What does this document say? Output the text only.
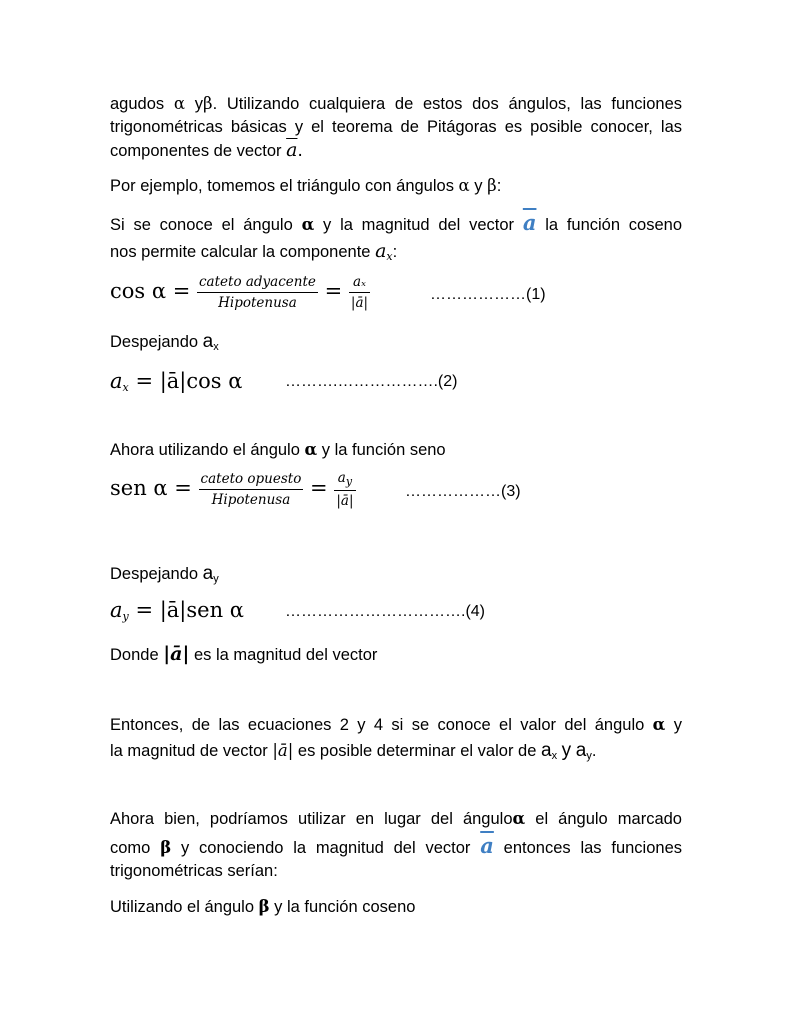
agudos α yβ. Utilizando cualquiera de estos dos ángulos, las funciones
trigonométricas básicas y el teorema de Pitágoras es posible conocer, las
componentes de vector $\overline{a}$.
Por ejemplo, tomemos el triángulo con ángulos α y β:
Si se conoce el ángulo α y la magnitud del vector $\overline{a}$ la función coseno
nos permite calcular la componente $a_x$:
$\cos \alpha = \frac{\text{cateto adyacente}}{\text{Hipotenusa}} = \frac{\text{aₓ}}{|ā|}$	………………(1)
Despejando $a_x$
$a_x$ = |ā|cos α	……….……………….(2)
Ahora utilizando el ángulo α y la función seno
sen $\alpha = \frac{\text{cateto opuesto}}{\text{Hipotenusa}} = \frac{a_y}{|ā|}$	………………(3)
Despejando $a_y$
$a_y$ = |ā|sen α	…………………………….(4)
Donde |ā| es la magnitud del vector
Entonces, de las ecuaciones 2 y 4 si se conoce el valor del ángulo α y
la magnitud de vector |ā| es posible determinar el valor de $a_x$ y $a_y$.
Ahora bien, podríamos utilizar en lugar del ánguloα el ángulo marcado
como β y conociendo la magnitud del vector $\overline{a}$ entonces las funciones
trigonométricas serían:
Utilizando el ángulo β y la función coseno
